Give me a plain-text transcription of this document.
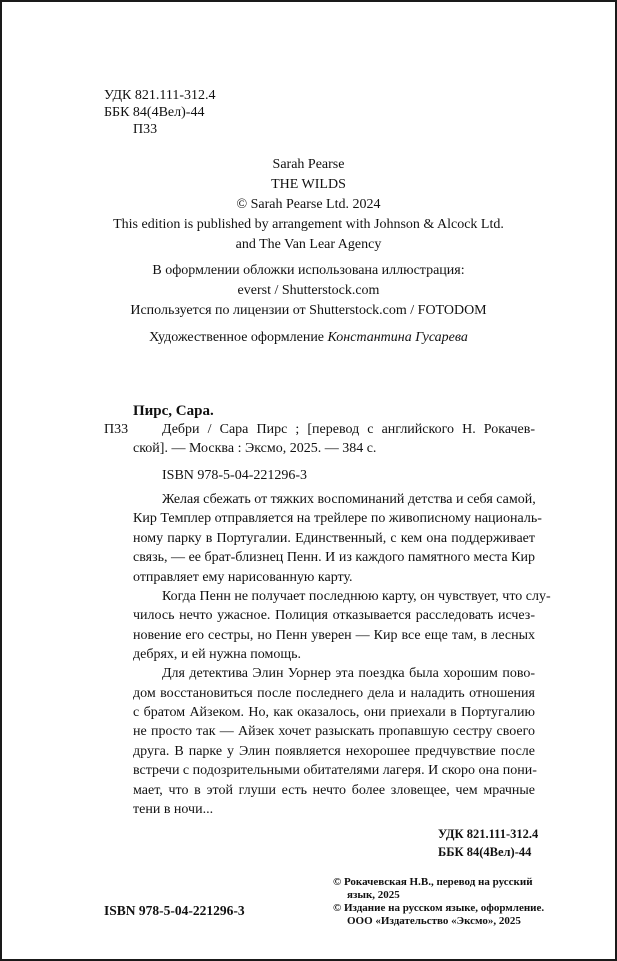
УДК 821.111-312.4
ББК 84(4Вел)-44
П33
Sarah Pearse
THE WILDS
© Sarah Pearse Ltd. 2024
This edition is published by arrangement with Johnson & Alcock Ltd.
and The Van Lear Agency
В оформлении обложки использована иллюстрация:
everst / Shutterstock.com
Используется по лицензии от Shutterstock.com / FOTODOM
Художественное оформление Константина Гусарева
Пирс, Сара.
П33 Дебри / Сара Пирс ; [перевод с английского Н. Рокачев-
ской]. — Москва : Эксмо, 2025. — 384 с.
ISBN 978-5-04-221296-3
Желая сбежать от тяжких воспоминаний детства и себя самой,
Кир Темплер отправляется на трейлере по живописному националь-
ному парку в Португалии. Единственный, с кем она поддерживает
связь, — ее брат-близнец Пенн. И из каждого памятного места Кир
отправляет ему нарисованную карту.
Когда Пенн не получает последнюю карту, он чувствует, что слу-
чилось нечто ужасное. Полиция отказывается расследовать исчез-
новение его сестры, но Пенн уверен — Кир все еще там, в лесных
дебрях, и ей нужна помощь.
Для детектива Элин Уорнер эта поездка была хорошим пово-
дом восстановиться после последнего дела и наладить отношения
с братом Айзеком. Но, как оказалось, они приехали в Португалию
не просто так — Айзек хочет разыскать пропавшую сестру своего
друга. В парке у Элин появляется нехорошее предчувствие после
встречи с подозрительными обитателями лагеря. И скоро она пони-
мает, что в этой глуши есть нечто более зловещее, чем мрачные
тени в ночи...
УДК 821.111-312.4
ББК 84(4Вел)-44
ISBN 978-5-04-221296-3
© Рокачевская Н.В., перевод на русский
язык, 2025
© Издание на русском языке, оформление.
ООО «Издательство «Эксмо», 2025
